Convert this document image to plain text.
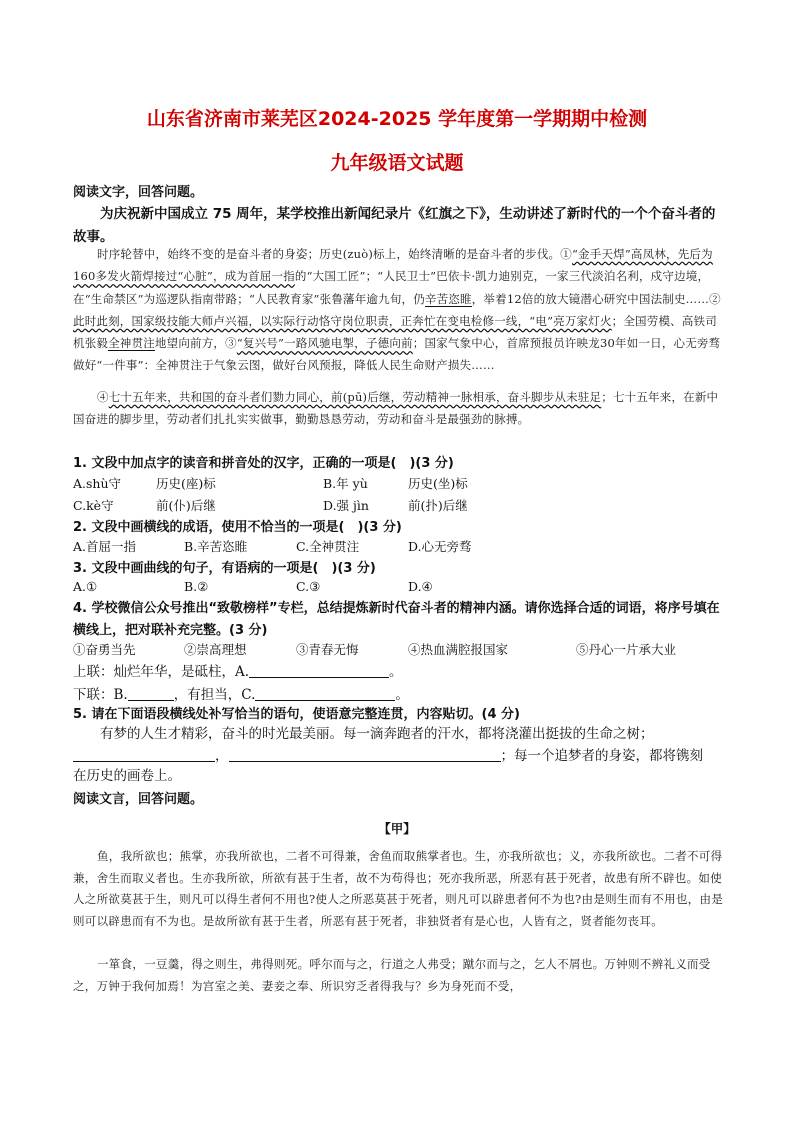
山东省济南市莱芜区2024-2025 学年度第一学期期中检测
九年级语文试题
阅读文字，回答问题。
为庆祝新中国成立 75 周年，某学校推出新闻纪录片《红旗之下》，生动讲述了新时代的一个个奋斗者的故事。
时序轮替中，始终不变的是奋斗者的身姿；历史(zuò)标上，始终清晰的是奋斗者的步伐。①“金手天焊”高凤林，先后为160多发火箭焊接过“心脏”，成为首屈一指的“大国工匠”；“人民卫士”巴依卡·凯力迪别克，一家三代淡泊名利，戍守边境，在“生命禁区”为巡逻队指南带路；“人民教育家”张鲁藩年逾九旬，仍辛苦恣睢，举着12倍的放大镜潜心研究中国法制史……②此时此刻，国家级技能大师卢兴福，以实际行动恪守岗位职责，正奔忙在变电检修一线，“电”亮万家灯火；全国劳模、高铁司机张毅全神贯注地望向前方，③“复兴号”一路风驰电掣，子德向前；国家气象中心，首席预报员许映龙30年如一日，心无旁骛做好“一件事”：全神贯注于气象云图，做好台风预报，降低人民生命财产损失……
④七十五年来，共和国的奋斗者们勠力同心，前(pū)后继，劳动精神一脉相承，奋斗脚步从未驻足；七十五年来，在新中国奋进的脚步里，劳动者们扎扎实实做事，勤勤恳恳劳动，劳动和奋斗是最强劲的脉搏。
1. 文段中加点字的读音和拼音处的汉字，正确的一项是(　)(3 分)
A.shù守	历史(座)标	B.年 yù	历史(坐)标
C.kè守	前(仆)后继	D.强 jìn	前(扑)后继
2. 文段中画横线的成语，使用不恰当的一项是(　)(3 分)
A.首屈一指	B.辛苦恣睢	C.全神贯注	D.心无旁骛
3. 文段中画曲线的句子，有语病的一项是(　)(3 分)
A.①	B.②	C.③	D.④
4. 学校微信公众号推出“致敬榜样”专栏，总结提炼新时代奋斗者的精神内涵。请你选择合适的词语，将序号填在横线上，把对联补充完整。(3 分)
①奋勇当先	②崇高理想	③青春无悔	④热血满腔报国家	⑤丹心一片承大业
上联：灿烂年华，是砥柱，A.	。
下联：B.	，有担当，C.	。
5. 请在下面语段横线处补写恰当的语句，使语意完整连贯，内容贴切。(4 分)
有梦的人生才精彩，奋斗的时光最美丽。每一滴奔跑者的汗水，都将浇灌出挺拔的生命之树；
，	；每一个追梦者的身姿，都将镌刻
在历史的画卷上。
阅读文言，回答问题。
【甲】
鱼，我所欲也；熊掌，亦我所欲也，二者不可得兼，舍鱼而取熊掌者也。生，亦我所欲也；义，亦我所欲也。二者不可得兼，舍生而取义者也。生亦我所欲，所欲有甚于生者，故不为苟得也；死亦我所恶，所恶有甚于死者，故患有所不辟也。如使人之所欲莫甚于生，则凡可以得生者何不用也?使人之所恶莫甚于死者，则凡可以辟患者何不为也?由是则生而有不用也，由是则可以辟患而有不为也。是故所欲有甚于生者，所恶有甚于死者，非独贤者有是心也，人皆有之，贤者能勿丧耳。
一箪食，一豆羹，得之则生，弗得则死。呼尔而与之，行道之人弗受；蹴尔而与之，乞人不屑也。万钟则不辨礼义而受之，万钟于我何加焉！为宫室之美、妻妾之奉、所识穷乏者得我与？乡为身死而不受，
